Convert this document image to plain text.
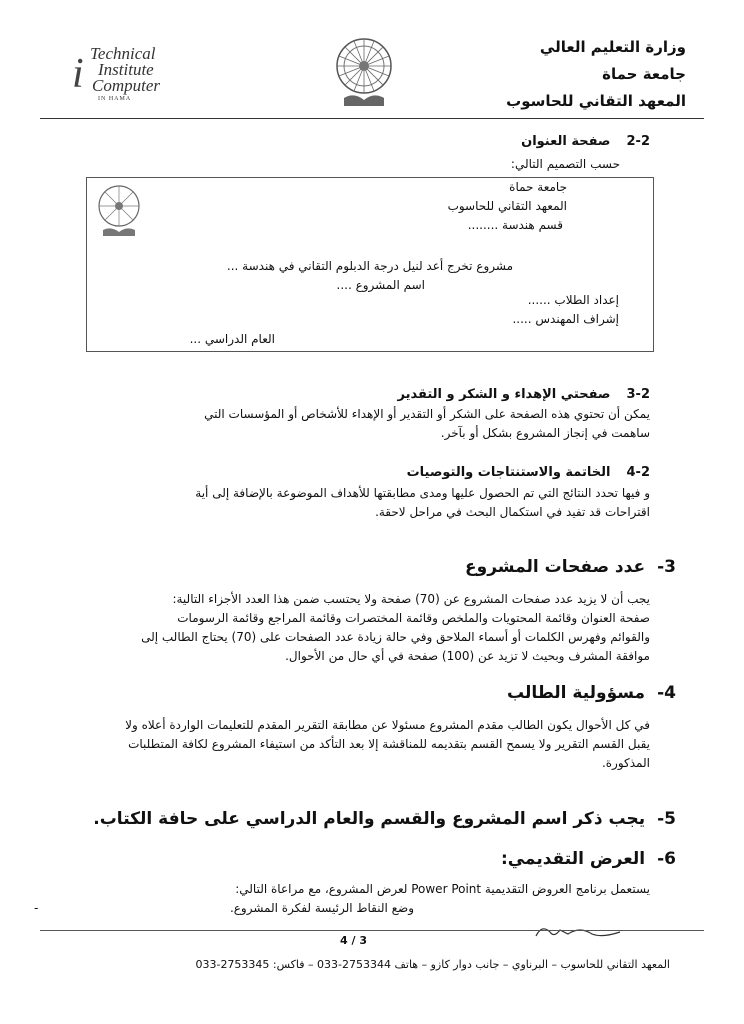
i Technical
Institute
Computer
IN HAMA
وزارة التعليم العالي
جامعة حماة
المعهد التقاني للحاسوب
2-2صفحة العنوان
حسب التصميم التالي:
جامعة حماة
المعهد التقاني للحاسوب
قسم هندسة ........
مشروع تخرج أعد لنيل درجة الدبلوم التقاني في هندسة ...
اسم المشروع ....
إعداد الطلاب ......
إشراف المهندس .....
العام الدراسي ...
3-2صفحتي الإهداء و الشكر و التقدير
يمكن أن تحتوي هذه الصفحة على الشكر أو التقدير أو الإهداء للأشخاص أو المؤسسات التي
ساهمت في إنجاز المشروع بشكل أو بآخر.
4-2الخاتمة والاستنتاجات والتوصيات
و فيها تحدد النتائج التي تم الحصول عليها ومدى مطابقتها للأهداف الموضوعة بالإضافة إلى أية
اقتراحات قد تفيد في استكمال البحث في مراحل لاحقة.
3-عدد صفحات المشروع
يجب أن لا يزيد عدد صفحات المشروع عن (70) صفحة ولا يحتسب ضمن هذا العدد الأجزاء التالية:
صفحة العنوان وقائمة المحتويات والملخص وقائمة المختصرات وقائمة المراجع وقائمة الرسومات
والقوائم وفهرس الكلمات أو أسماء الملاحق وفي حالة زيادة عدد الصفحات على (70) يحتاج الطالب إلى
موافقة المشرف وبحيث لا تزيد عن (100) صفحة في أي حال من الأحوال.
4-مسؤولية الطالب
في كل الأحوال يكون الطالب مقدم المشروع مسئولا عن مطابقة التقرير المقدم للتعليمات الواردة أعلاه ولا
يقبل القسم التقرير ولا يسمح القسم بتقديمه للمناقشة إلا بعد التأكد من استيفاء المشروع لكافة المتطلبات
المذكورة.
5-يجب ذكر اسم المشروع والقسم والعام الدراسي على حافة الكتاب.
6-العرض التقديمي:
يستعمل برنامج العروض التقديمية Power Point لعرض المشروع، مع مراعاة التالي:
وضع النقاط الرئيسة لفكرة المشروع.
-
4 / 3
المعهد التقاني للحاسوب – البرناوي – جانب دوار كازو – هاتف 2753344-033 – فاكس: 2753345-033
